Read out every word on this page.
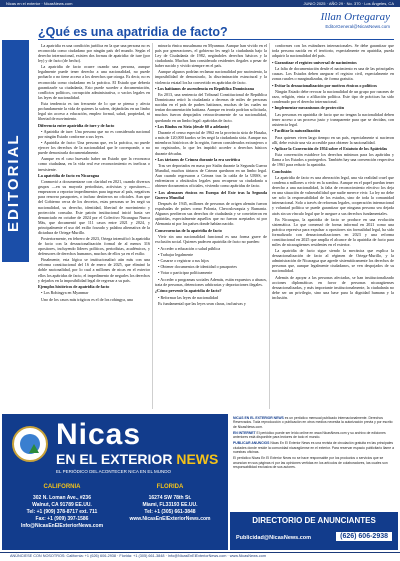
Nicas en el exterior · NicasNews.com	JUNIO 2025 · AÑO 29 · No. 370 · Los Ángeles, CA
Illan Ortegaray
EditorGeneral@NicasNews.com
¿Qué es una apatridia de facto?
EDITORIAL

La apatridia es una condición jurídica en la que una persona no es reconocida como ciudadano por ningún país del mundo. Según el derecho internacional, existen dos formas de apatridia: de iure (por ley) y de facto (de hecho).

La apatridia de facto ocurre cuando una persona, aunque legalmente puede tener derecho a una nacionalidad, no puede probarlo o no tiene acceso a los derechos que otorga. Es decir, no es reconocida como ciudadano en la práctica. El Estado que debería garantizarle su ciudadanía, Esto puede suceder a documentación, conflictos políticos, corrupción administrativa, o vacíos legales en las leyes de nacionalidad.

Esta tendencia es tan frecuente de lo que se piensa y afecta profundamente la vida de quienes la sufren, dejándolas en un limbo legal sin acceso a educación, empleo formal, salud, propiedad, ni libertad de movimiento.

Diferencia entre apatridia de iure y de facto

• Apatridia de iure: Una persona que no es considerada nacional por ningún Estado conforme a sus leyes.

• Apatridia de facto: Una persona que, en la práctica, no puede ejercer los derechos de la nacionalidad que le corresponde, o no puede demostrarla documentalmente.

Aunque en el caso huevado haber un Estado que la reconozca como ciudadana, en la vida real ese reconocimiento es ineficaz o inexistente.

La apatridia de facto en Nicaragua

Conmovió a documentarse con claridad en 2021, cuando diversos grupos —en su mayoría periodistas, activistas y opositores— empezaron a reportar impedimentos para ingresar al país, negativas para renovar pasaportes, o incluso destierros no oficiales. Aun que del Gobierno cerca de los decretos, estas personas se les negó su nacionalidad, su derecho, identidad, libertad de movimiento y protección consular. Este patrón institucional inició hasta ser denunciado en octubre de 2024 por el Colectivo Nicaragua Nunca Más, que documentó que 111 casos entre 2021 y 2024, y principalmente el uso del exilio forzado y palabra alternativa de la dictadura de Ortega-Murillo.

Posteriormente, en febrero de 2023, Ortega intensificó la apatridia de facto con la desnacionalización formal de al menos 316 opositores, incluyendo líderes políticos, periodistas, académicos, y defensores de derechos humanos, muchos de ellos ya en el exilio.

Finalmente, esta lógica se institucionalizó aún más con una reforma constitucional del 16 de enero de 2025, que eliminó la doble nacionalidad, por lo cual a millones de nicas en el exterior ellos los apátridas de facto, el impedimento de negarles los derechos y dejarlos en la imposibilidad legal de regresar a su país.

Ejemplos históricos de apatridia de facto

• Los Rohingya en Myanmar

Uno de los casos más trágicos es el de los rohingya, una

minoría étnica musulmana en Myanmar. Aunque han vivido en el país por generaciones, el gobierno les negó la ciudadanía bajo la Ley de Ciudadanía de 1982, negándoles derechos básicos y la ciudadanía. Muchos han considerado residentes ilegales a pesar de haber nacido y vivido siempre en el país.

Aunque algunos podrían reclamar nacionalidad por nacimiento, la imposibilidad de demostrarlo, la discriminación estructural y la violencia estatal los ha convertido en apátridas de facto.

• Los haitianos de ascendencia en República Dominicana

En 2013, una sentencia del Tribunal Constitucional de República Dominicana retiró la ciudadanía a decenas de miles de personas nacidas en el país de padres haitianos, muchas de las cuales no tenían documentación haitiana. Aunque en teoría podrían solicitarla, muchos fueron despojados retroactivamente de su nacionalidad, quedando en un limbo legal: apátridas de facto.

• Los Bindus en Siria (desde 60 a adelante)

Durante el censo especial de 1962 en la provincia siria de Hasaka, a más de 120,000 kurdos se les negó la ciudadanía siria. Aunque sus miembros históricos de la región, fueron considerados extranjeros o no registrados, lo que les impidió acceder a derechos básicos durante décadas.

• Los tártaros de Crimea durante la era soviética

Tras ser deportados en masa por Stalin durante la Segunda Guerra Mundial, muchos tártaros de Crimea quedaron en un limbo legal. Aun cuando regresaron a Crimea tras la caída de la URSS, se enfrentaron a obstáculos legales para recuperar su ciudadanía u obtener documentos oficiales, viviendo como apátridas de facto.

• Los alemanes étnicos en Europa del Este tras la Segunda Guerra Mundial

Después de 1945, millones de personas de origen alemán fueron expulsadas de países como Polonia, Checoslovaquia y Rumania. Algunos perdieron sus derechos de ciudadanía y se convirtieron en apátridas, especialmente aquellos que no fueron aceptados ni por Alemania ni por los países donde habían nacido.

Consecuencias de la apatridia de facto

Vivir sin una nacionalidad funcional es una forma grave de exclusión social. Quienes padecen apatridia de facto no pueden:

• Acceder a educación o salud pública

• Trabajar legalmente

• Casarse o registrar a sus hijos

• Obtener documentos de identidad o pasaportes

• Votar o participar políticamente

• Acceder a programas sociales Además, están expuestos a abusos, trata de personas, detenciones arbitrarias y deportaciones ilegales.

¿Cómo prevenir la apatridia de facto?

• Reformar las leyes de nacionalidad

Es fundamental que las leyes sean claras, inclusivas y

conformes con los estándares internacionales. Se debe garantizar que toda persona nacida en el territorio, especialmente en apatridia, pueda adquirir la nacionalidad del país.

• Garantizar el registro universal de nacimientos

La falta de documentación desde el nacimiento es una de las principales causas. Los Estados deben asegurar el registro civil, especialmente en zonas rurales o marginalizadas, de forma gratuita.

• Evitar la desnacionalización por motivos étnicos o políticos

Ningún Estado debe revocar la nacionalidad de un grupo por razones de raza, religión, etnia o afiliación política. Este tipo de prácticas ha sido condenado por el derecho internacional.

• Implementar mecanismos de protección

Las personas en apatridia de facto que no tengan la nacionalidad deben tener acceso a un proceso justo y transparente para que se decidan, con asistencia legal.

• Facilitar la naturalización

Para quienes viven largo tiempo en un país, especialmente si nacieron allí, debe existir una vía accesible para obtener la nacionalidad.

• Aplicar la Convención de 1954 sobre el Estatuto de los Apátridas

Esta convención establece los derechos mínimos para los apátridas y llama a los Estados a protegerlos. También hay una convención respectiva de 1961 para reducir la apatridia.

Conclusión

La apatridia de facto es una aberración legal, una vía realidad cruel que condena a millones a vivir en la sombra. Aunque en el papel puedan tener derecho a una nacionalidad, la falta de reconocimiento efectivo los deja en una situación de vulnerabilidad que nadie merece vivir. La ley no debe ser solo la responsabilidad de los estados, sino de toda la comunidad internacional. Solo a través de reformas legales, cooperación internacional y voluntad política se puede garantizar que ninguna persona sea dejada atrás sin un vínculo legal que le asegure a sus derechos fundamentales.

En Nicaragua, la apatridia de facto se produce en una evolución sistemática. Lo que comenzó de forma informal en 2021 como una práctica represiva para expulsar a opositores sin formalidad legal, ha sido formalizado con desnacionalizaciones en 2023 y una reforma constitucional en 2025 que amplía el alcance de la apatridia de facto para miles de nicaragüenses residentes en el exterior.

La apatridia de facto sigue siendo la mecánica que explica la desnacionalización de facto al régimen de Ortega-Murillo, y la administración de Nicaragua que agrede sistemáticamente los derechos de personas que, aunque legalmente ciudadanos, se ven despojados de su nacionalidad.

Además de apoyar a las personas afectadas, se han institucionalizado acciones diplomáticas en favor de personas nicaragüenses desnacionalizadas, y más importante institucionalmente, la ciudadanía no debe ser un privilegio, sino una base para la dignidad humana y la inclusión.

Nicas
EN EL EXTERIOR NEWS
EL PERIÓDICO DEL ACONTECER NICA EN EL MUNDO
CALIFORNIA
302 N. Loman Ave., #236
Walnut, CA 91789 EE.UU.
Tel: +1 (909) 378-8717 ext. 711
Fax: +1 (909) 397-1586
Info@NicasEnElExteriorNews.com
FLORIDA
16274 SW 78th St.
Miami, FL33193 EE.UU.
Tel: +1 (305) 661-3848
www.NicasEnElExteriorNews.com
NICAS EN EL EXTERIOR NEWS es un periódico mensual publicado internacionalmente. Derechos Reservados. Toda reproducción o publicación en otros medios necesita la autorización previa y por escrito de NicasNews.com.
EN INTERNET El periódico puede ser leído online en www.NicasNews.com y su archivo de ediciones anteriores está disponible para lectores de todo el mundo.
PUBLICAR ANUNCIOS Nicas En El Exterior News es una revista de circulación gratuita en las principales ciudades donde reside la comunidad nicaragüense en el exterior. Para reservar espacio publicitario llame a nuestras oficinas.
El periódico Nicas En El Exterior News no se hace responsable por los productos o servicios que se anuncian en sus páginas ni por las opiniones vertidas en los artículos de colaboradores, las cuales son responsabilidad exclusiva de sus autores.
DIRECTORIO DE ANUNCIANTES
Publicidad@NicasNews.com	(626) 606-2938
ANÚNCIESE CON NOSOTROS: California: +1 (626) 606-2938 · Florida: +1 (305) 661-3848 · Info@NicasEnElExteriorNews.com · www.NicasNews.com
